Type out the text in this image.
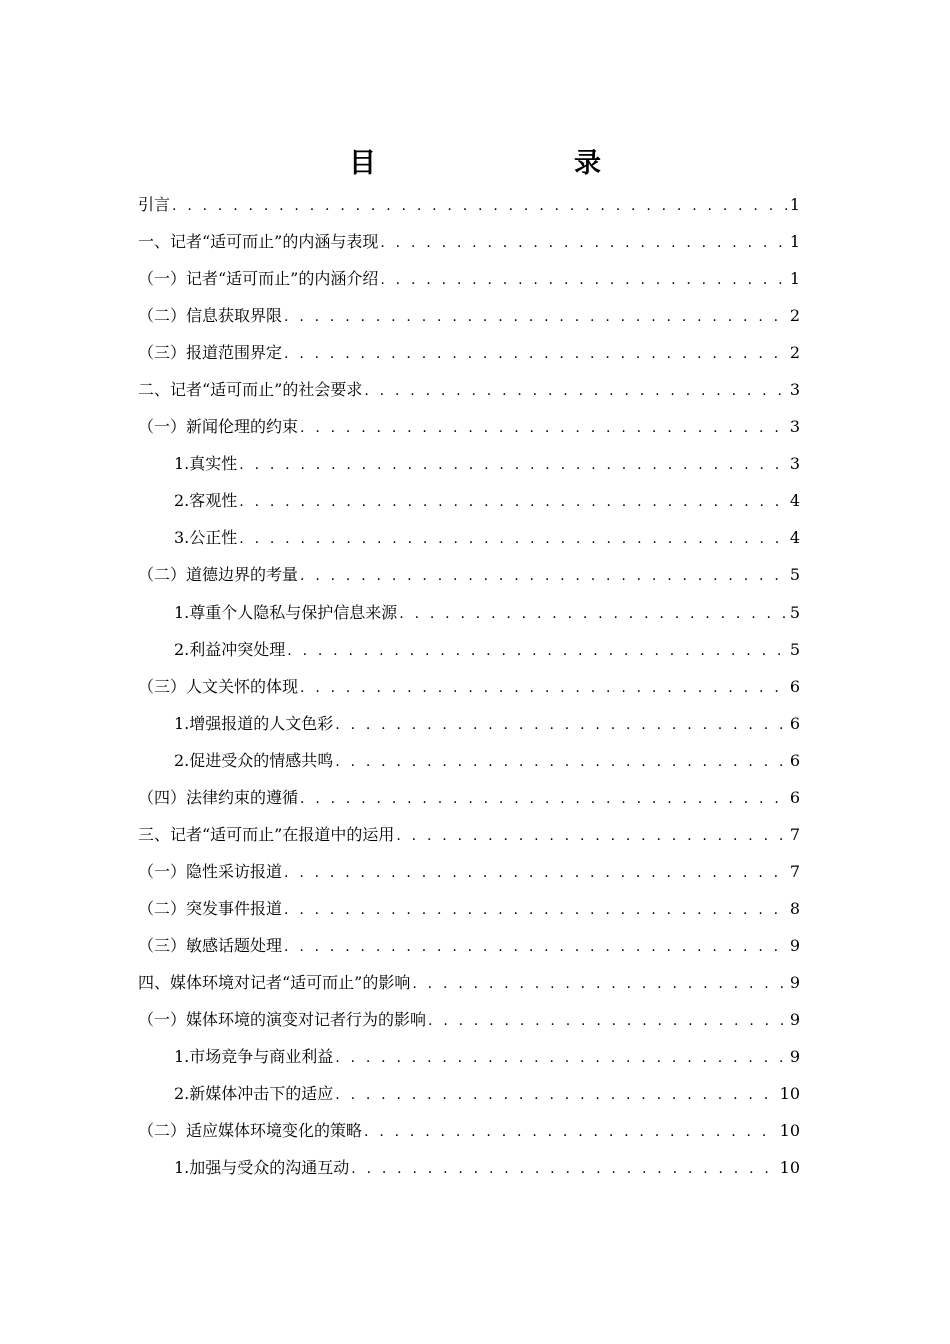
目　　录
引言 . . .	1
一、记者“适可而止”的内涵与表现 . . .	1
（一）记者“适可而止”的内涵介绍 . . .	1
（二）信息获取界限 . . .	2
（三）报道范围界定 . . .	2
二、记者“适可而止”的社会要求 . . .	3
（一）新闻伦理的约束 . . .	3
1.真实性 . . .	3
2.客观性 . . .	4
3.公正性 . . .	4
（二）道德边界的考量 . . .	5
1.尊重个人隐私与保护信息来源 . . .	5
2.利益冲突处理 . . .	5
（三）人文关怀的体现 . . .	6
1.增强报道的人文色彩 . . .	6
2.促进受众的情感共鸣 . . .	6
（四）法律约束的遵循 . . .	6
三、记者“适可而止”在报道中的运用 . . .	7
（一）隐性采访报道 . . .	7
（二）突发事件报道 . . .	8
（三）敏感话题处理 . . .	9
四、媒体环境对记者“适可而止”的影响 . . .	9
（一）媒体环境的演变对记者行为的影响 . . .	9
1.市场竞争与商业利益 . . .	9
2.新媒体冲击下的适应 . . .	10
（二）适应媒体环境变化的策略 . . .	10
1.加强与受众的沟通互动 . . .	10
